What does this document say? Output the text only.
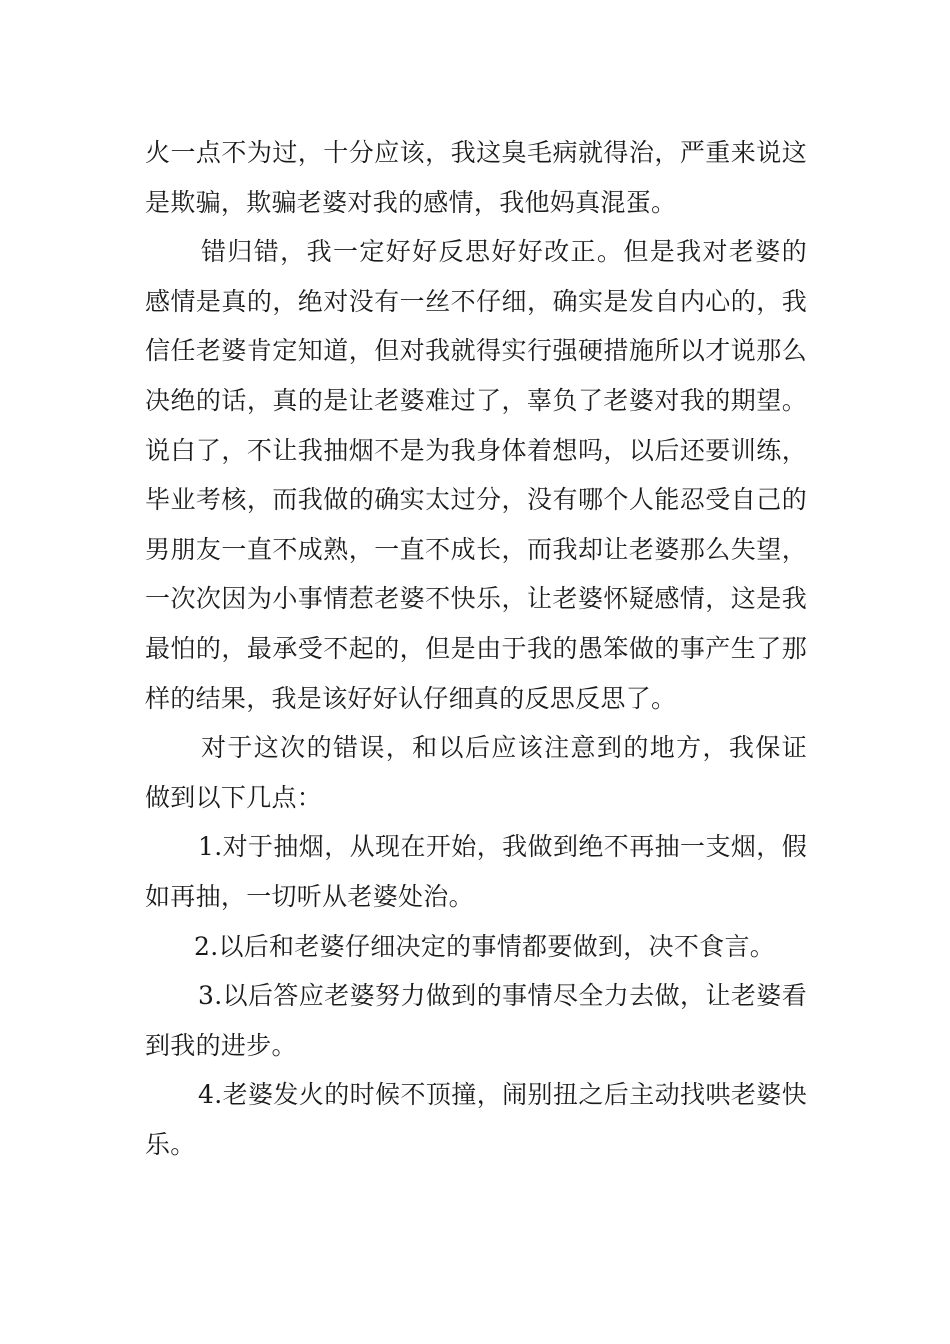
火一点不为过，十分应该，我这臭毛病就得治，严重来说这是欺骗，欺骗老婆对我的感情，我他妈真混蛋。

错归错，我一定好好反思好好改正。但是我对老婆的感情是真的，绝对没有一丝不仔细，确实是发自内心的，我信任老婆肯定知道，但对我就得实行强硬措施所以才说那么决绝的话，真的是让老婆难过了，辜负了老婆对我的期望。说白了，不让我抽烟不是为我身体着想吗，以后还要训练，毕业考核，而我做的确实太过分，没有哪个人能忍受自己的男朋友一直不成熟，一直不成长，而我却让老婆那么失望，一次次因为小事情惹老婆不快乐，让老婆怀疑感情，这是我最怕的，最承受不起的，但是由于我的愚笨做的事产生了那样的结果，我是该好好认仔细真的反思反思了。

对于这次的错误，和以后应该注意到的地方，我保证做到以下几点：

1.对于抽烟，从现在开始，我做到绝不再抽一支烟，假如再抽，一切听从老婆处治。

2.以后和老婆仔细决定的事情都要做到，决不食言。

3.以后答应老婆努力做到的事情尽全力去做，让老婆看到我的进步。

4.老婆发火的时候不顶撞，闹别扭之后主动找哄老婆快乐。
